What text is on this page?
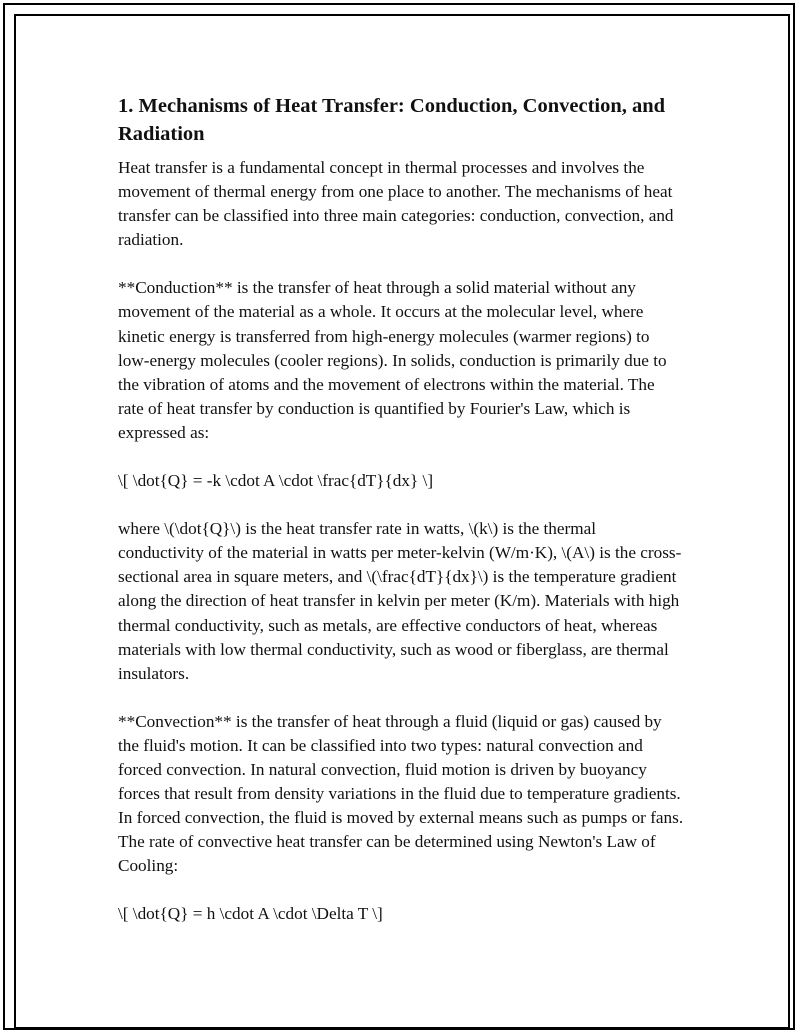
1. Mechanisms of Heat Transfer: Conduction, Convection, and Radiation

Heat transfer is a fundamental concept in thermal processes and involves the movement of thermal energy from one place to another. The mechanisms of heat transfer can be classified into three main categories: conduction, convection, and radiation.

**Conduction** is the transfer of heat through a solid material without any movement of the material as a whole. It occurs at the molecular level, where kinetic energy is transferred from high-energy molecules (warmer regions) to low-energy molecules (cooler regions). In solids, conduction is primarily due to the vibration of atoms and the movement of electrons within the material. The rate of heat transfer by conduction is quantified by Fourier's Law, which is expressed as:

\[ \dot{Q} = -k \cdot A \cdot \frac{dT}{dx} \]

where \(\dot{Q}\) is the heat transfer rate in watts, \(k\) is the thermal conductivity of the material in watts per meter-kelvin (W/m·K), \(A\) is the cross-sectional area in square meters, and \(\frac{dT}{dx}\) is the temperature gradient along the direction of heat transfer in kelvin per meter (K/m). Materials with high thermal conductivity, such as metals, are effective conductors of heat, whereas materials with low thermal conductivity, such as wood or fiberglass, are thermal insulators.

**Convection** is the transfer of heat through a fluid (liquid or gas) caused by the fluid's motion. It can be classified into two types: natural convection and forced convection. In natural convection, fluid motion is driven by buoyancy forces that result from density variations in the fluid due to temperature gradients. In forced convection, the fluid is moved by external means such as pumps or fans. The rate of convective heat transfer can be determined using Newton's Law of Cooling:

\[ \dot{Q} = h \cdot A \cdot \Delta T \]
